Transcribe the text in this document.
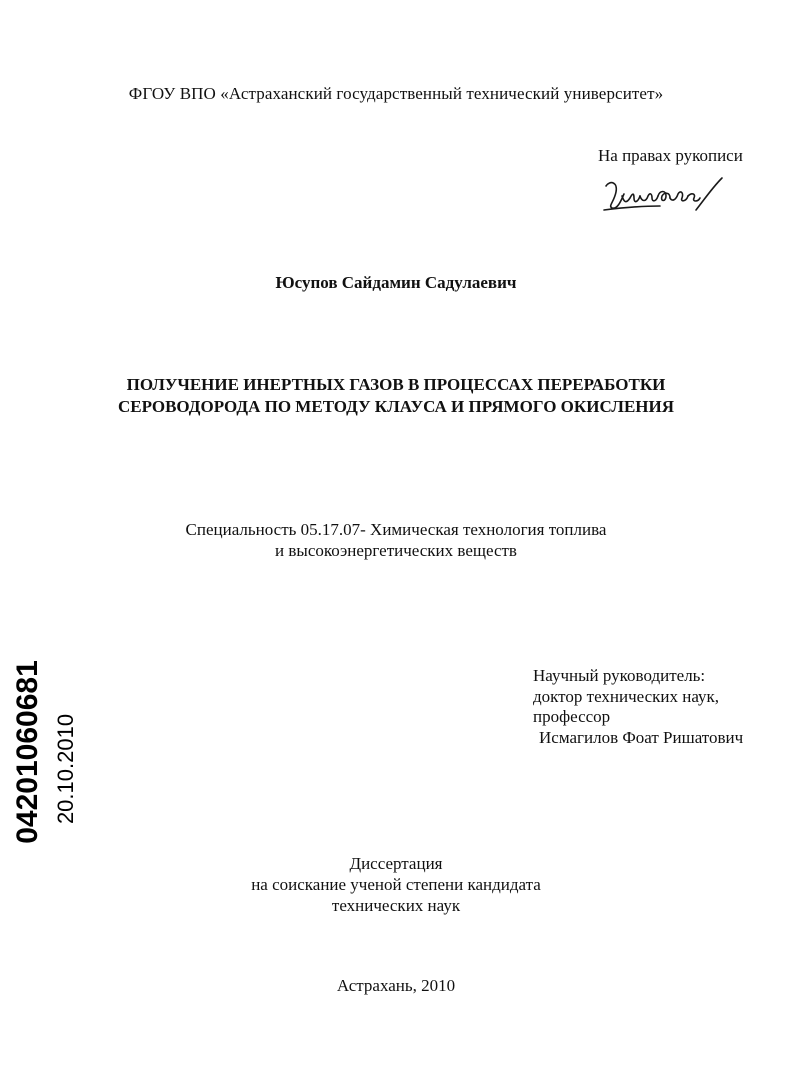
ФГОУ ВПО «Астраханский государственный технический университет»
На правах рукописи
Юсупов Сайдамин Садулаевич
ПОЛУЧЕНИЕ ИНЕРТНЫХ ГАЗОВ В ПРОЦЕССАХ ПЕРЕРАБОТКИ
СЕРОВОДОРОДА ПО МЕТОДУ КЛАУСА И ПРЯМОГО ОКИСЛЕНИЯ
Специальность 05.17.07- Химическая технология топлива
и высокоэнергетических веществ
Научный руководитель:
доктор технических наук,
профессор
Исмагилов Фоат Ришатович
04201060681 20.10.2010
Диссертация
на соискание ученой степени кандидата
технических наук
Астрахань, 2010
